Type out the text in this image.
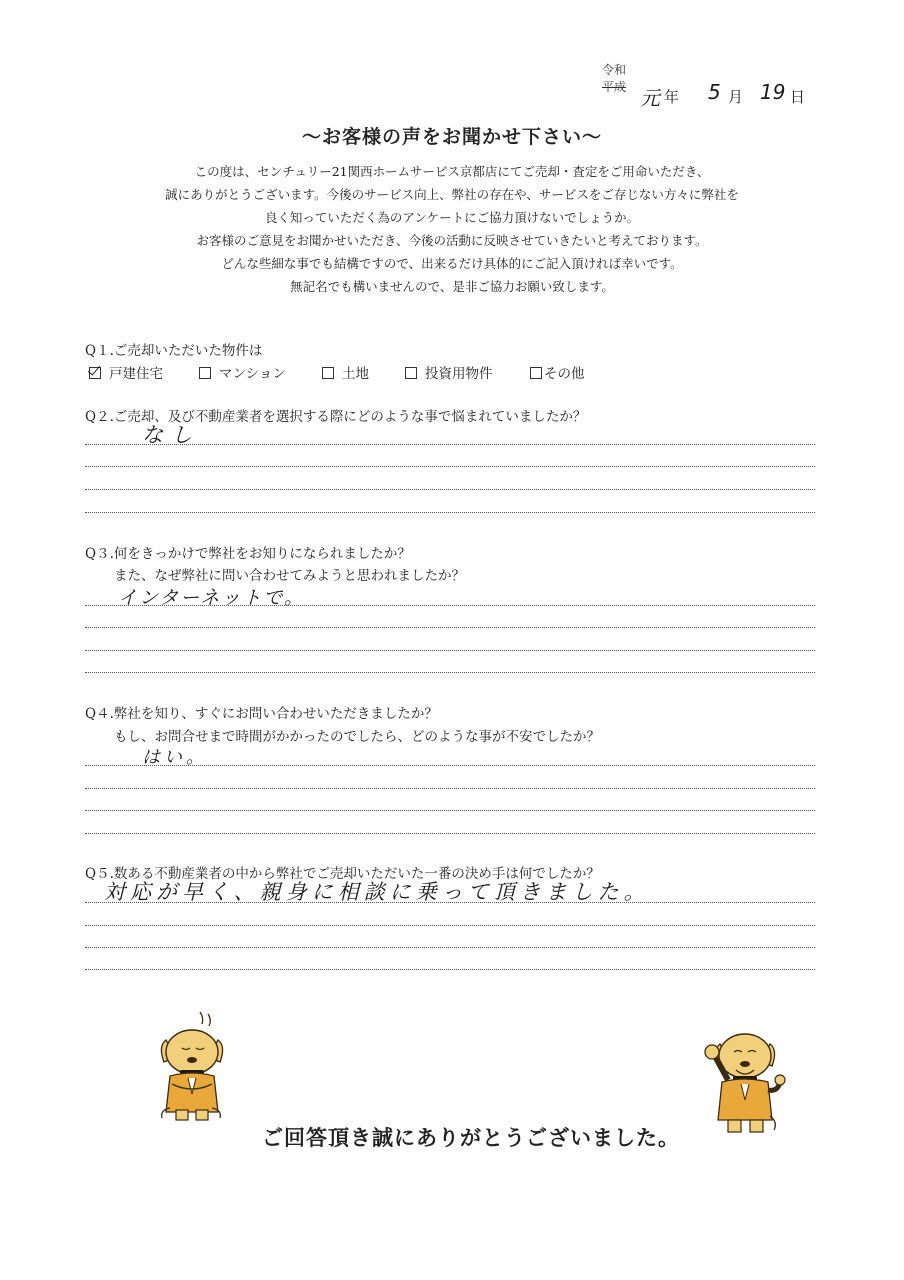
令和
平成 元 年 5 月 19 日
〜お客様の声をお聞かせ下さい〜
この度は、センチュリー21関西ホームサービス京都店にてご売却・査定をご用命いただき、
誠にありがとうございます。今後のサービス向上、弊社の存在や、サービスをご存じない方々に弊社を
良く知っていただく為のアンケートにご協力頂けないでしょうか。
お客様のご意見をお聞かせいただき、今後の活動に反映させていきたいと考えております。
どんな些細な事でも結構ですので、出来るだけ具体的にご記入頂ければ幸いです。
無記名でも構いませんので、是非ご協力お願い致します。
Q１.ご売却いただいた物件は
戸建住宅	マンション	土地	投資用物件	その他
Q２.ご売却、及び不動産業者を選択する際にどのような事で悩まれていましたか？
なし
Q３.何をきっかけで弊社をお知りになられましたか？
また、なぜ弊社に問い合わせてみようと思われましたか？
インターネットで。
Q４.弊社を知り、すぐにお問い合わせいただきましたか？
もし、お問合せまで時間がかかったのでしたら、どのような事が不安でしたか？
はい。
Q５.数ある不動産業者の中から弊社でご売却いただいた一番の決め手は何でしたか？
対応が早く、親身に相談に乗って頂きました。
ご回答頂き誠にありがとうございました。
